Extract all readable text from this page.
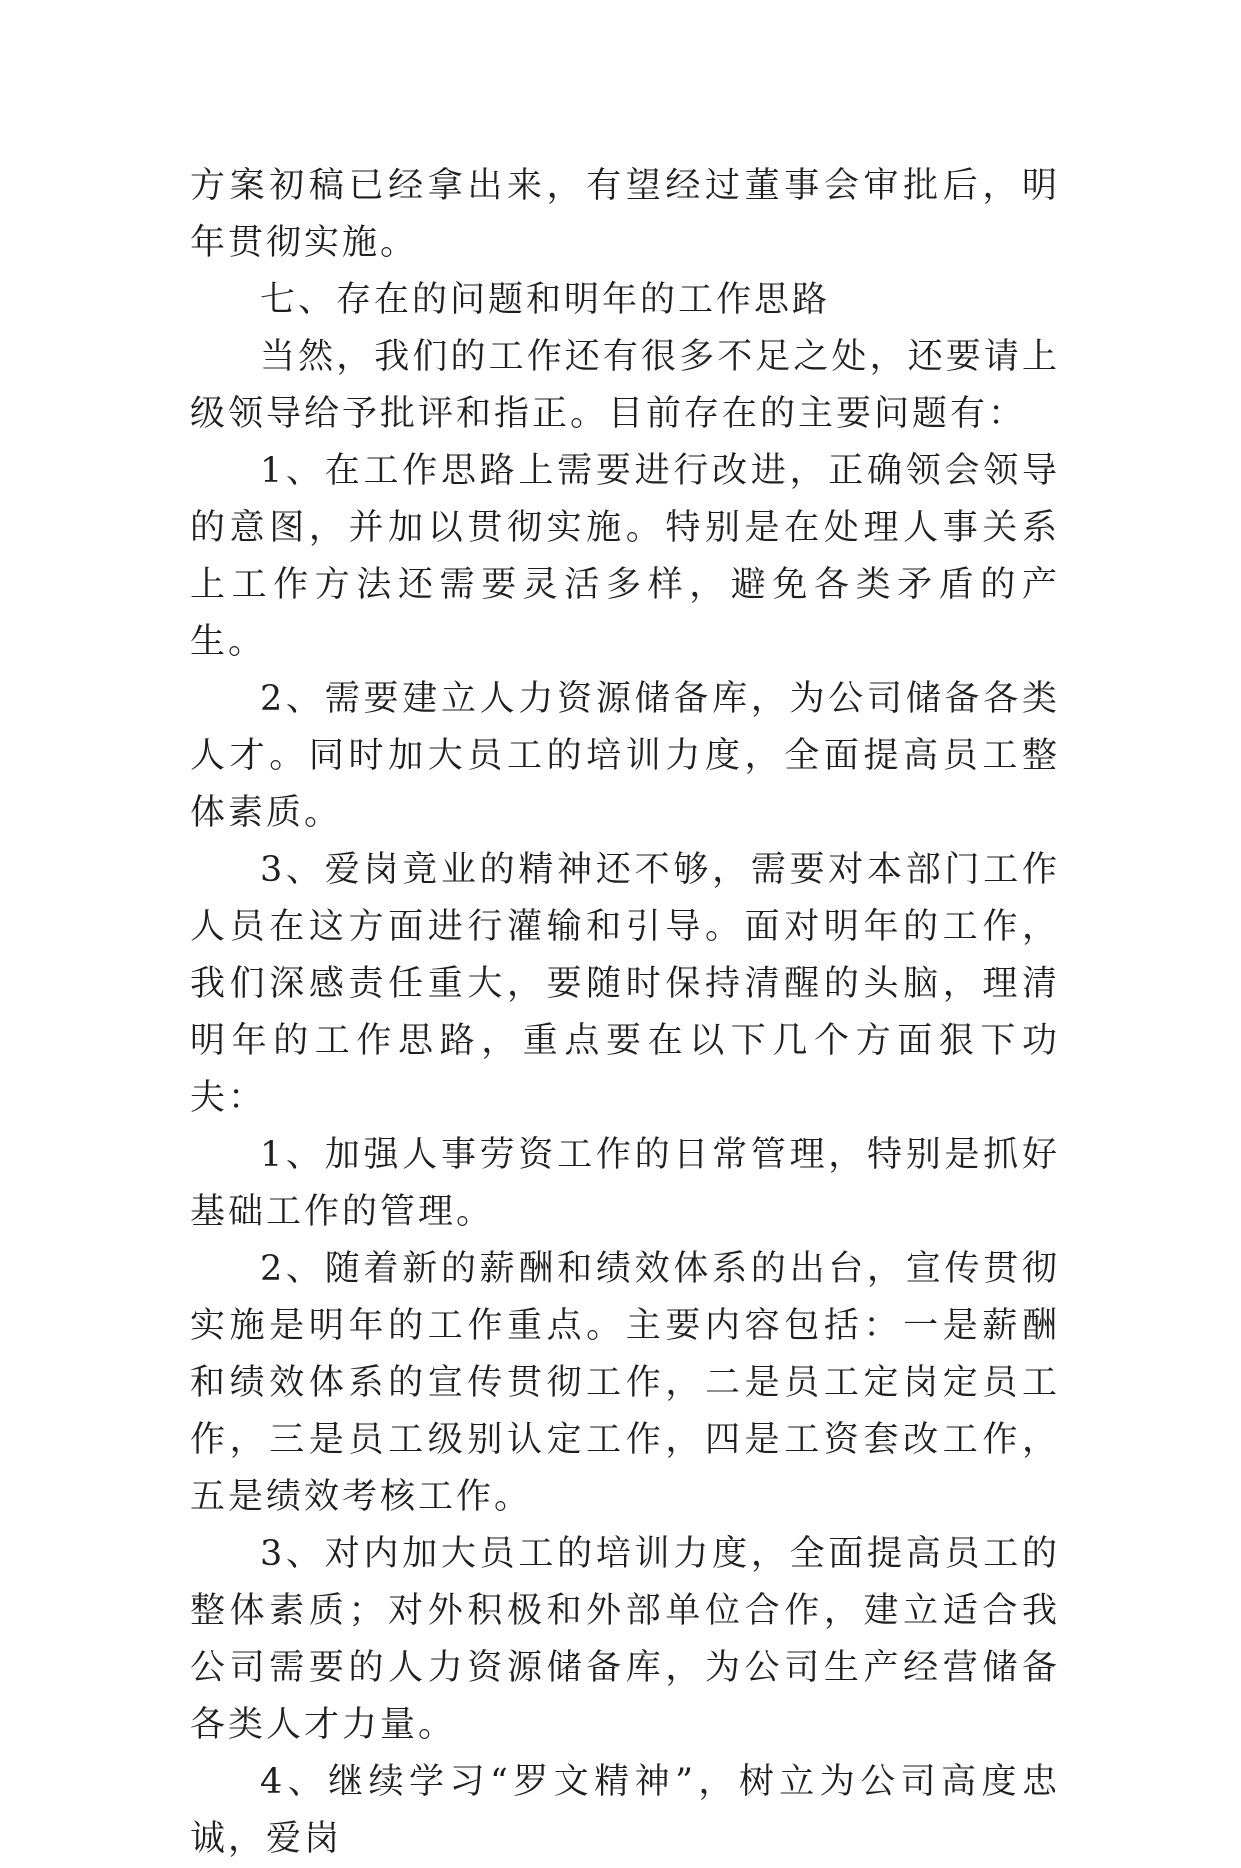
方案初稿已经拿出来，有望经过董事会审批后，明年贯彻实施。

七、存在的问题和明年的工作思路

当然，我们的工作还有很多不足之处，还要请上级领导给予批评和指正。目前存在的主要问题有：

1、在工作思路上需要进行改进，正确领会领导的意图，并加以贯彻实施。特别是在处理人事关系上工作方法还需要灵活多样，避免各类矛盾的产生。

2、需要建立人力资源储备库，为公司储备各类人才。同时加大员工的培训力度，全面提高员工整体素质。

3、爱岗竟业的精神还不够，需要对本部门工作人员在这方面进行灌输和引导。面对明年的工作，我们深感责任重大，要随时保持清醒的头脑，理清明年的工作思路，重点要在以下几个方面狠下功夫：

1、加强人事劳资工作的日常管理，特别是抓好基础工作的管理。

2、随着新的薪酬和绩效体系的出台，宣传贯彻实施是明年的工作重点。主要内容包括：一是薪酬和绩效体系的宣传贯彻工作，二是员工定岗定员工作，三是员工级别认定工作，四是工资套改工作，五是绩效考核工作。

3、对内加大员工的培训力度，全面提高员工的整体素质；对外积极和外部单位合作，建立适合我公司需要的人力资源储备库，为公司生产经营储备各类人才力量。

4、继续学习“罗文精神”，树立为公司高度忠诚，爱岗
